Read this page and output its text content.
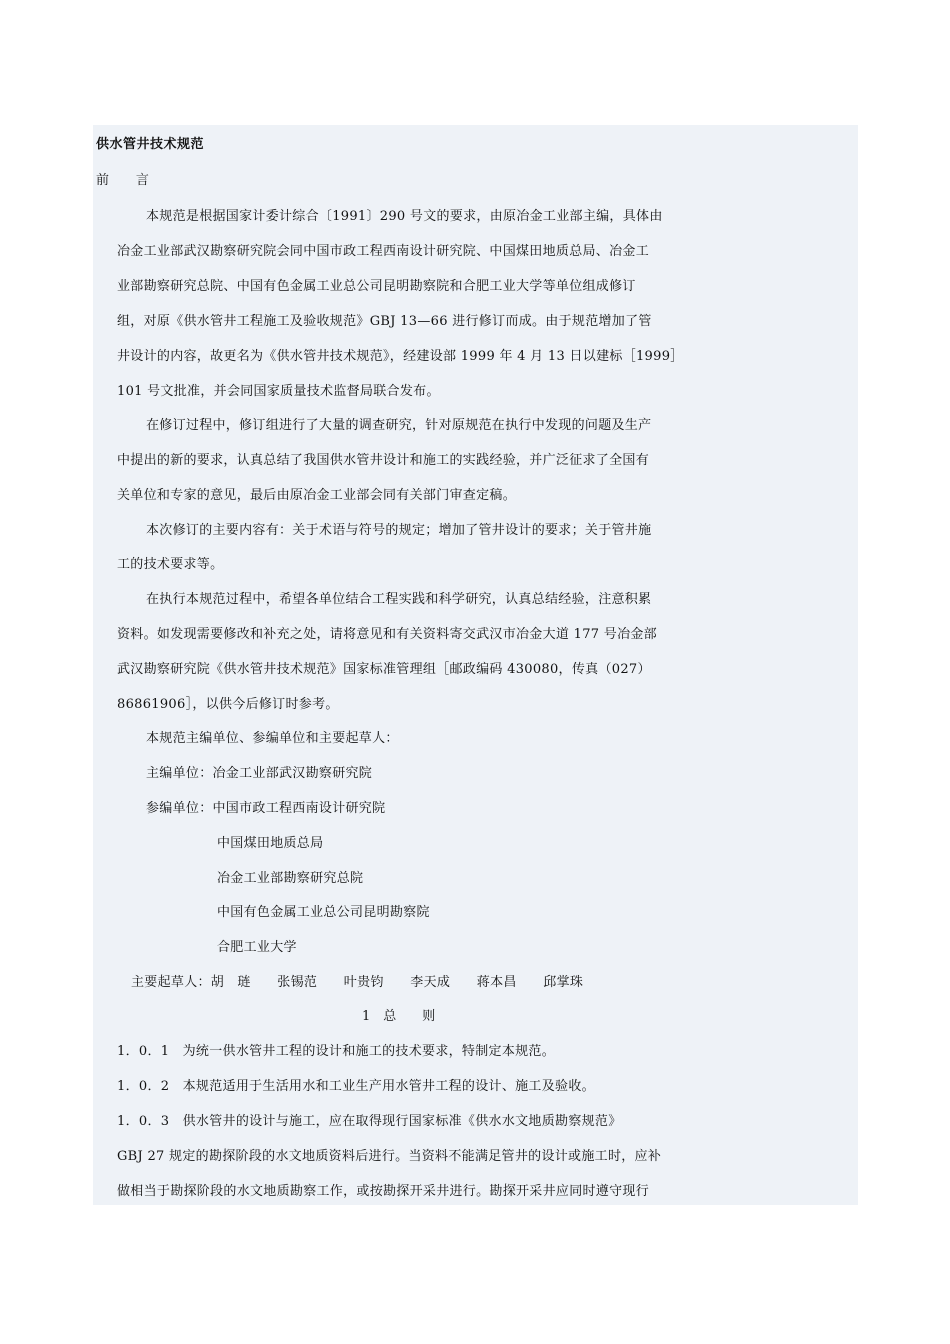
供水管井技术规范
前　　言
本规范是根据国家计委计综合〔1991〕290 号文的要求，由原冶金工业部主编，具体由
冶金工业部武汉勘察研究院会同中国市政工程西南设计研究院、中国煤田地质总局、冶金工
业部勘察研究总院、中国有色金属工业总公司昆明勘察院和合肥工业大学等单位组成修订
组，对原《供水管井工程施工及验收规范》GBJ 13—66 进行修订而成。由于规范增加了管
井设计的内容，故更名为《供水管井技术规范》，经建设部 1999 年 4 月 13 日以建标［1999］
101 号文批准，并会同国家质量技术监督局联合发布。
在修订过程中，修订组进行了大量的调查研究，针对原规范在执行中发现的问题及生产
中提出的新的要求，认真总结了我国供水管井设计和施工的实践经验，并广泛征求了全国有
关单位和专家的意见，最后由原冶金工业部会同有关部门审查定稿。
本次修订的主要内容有：关于术语与符号的规定；增加了管井设计的要求；关于管井施
工的技术要求等。
在执行本规范过程中，希望各单位结合工程实践和科学研究，认真总结经验，注意积累
资料。如发现需要修改和补充之处，请将意见和有关资料寄交武汉市冶金大道 177 号冶金部
武汉勘察研究院《供水管井技术规范》国家标准管理组［邮政编码 430080，传真（027）
86861906］，以供今后修订时参考。
本规范主编单位、参编单位和主要起草人：
主编单位：冶金工业部武汉勘察研究院
参编单位：中国市政工程西南设计研究院
中国煤田地质总局
冶金工业部勘察研究总院
中国有色金属工业总公司昆明勘察院
合肥工业大学
主要起草人：胡　琏　　张锡范　　叶贵钧　　李天成　　蒋本昌　　邱掌珠
1　总　　则
1．0．1　为统一供水管井工程的设计和施工的技术要求，特制定本规范。
1．0．2　本规范适用于生活用水和工业生产用水管井工程的设计、施工及验收。
1．0．3　供水管井的设计与施工，应在取得现行国家标准《供水水文地质勘察规范》
GBJ 27 规定的勘探阶段的水文地质资料后进行。当资料不能满足管井的设计或施工时，应补
做相当于勘探阶段的水文地质勘察工作，或按勘探开采井进行。勘探开采井应同时遵守现行
